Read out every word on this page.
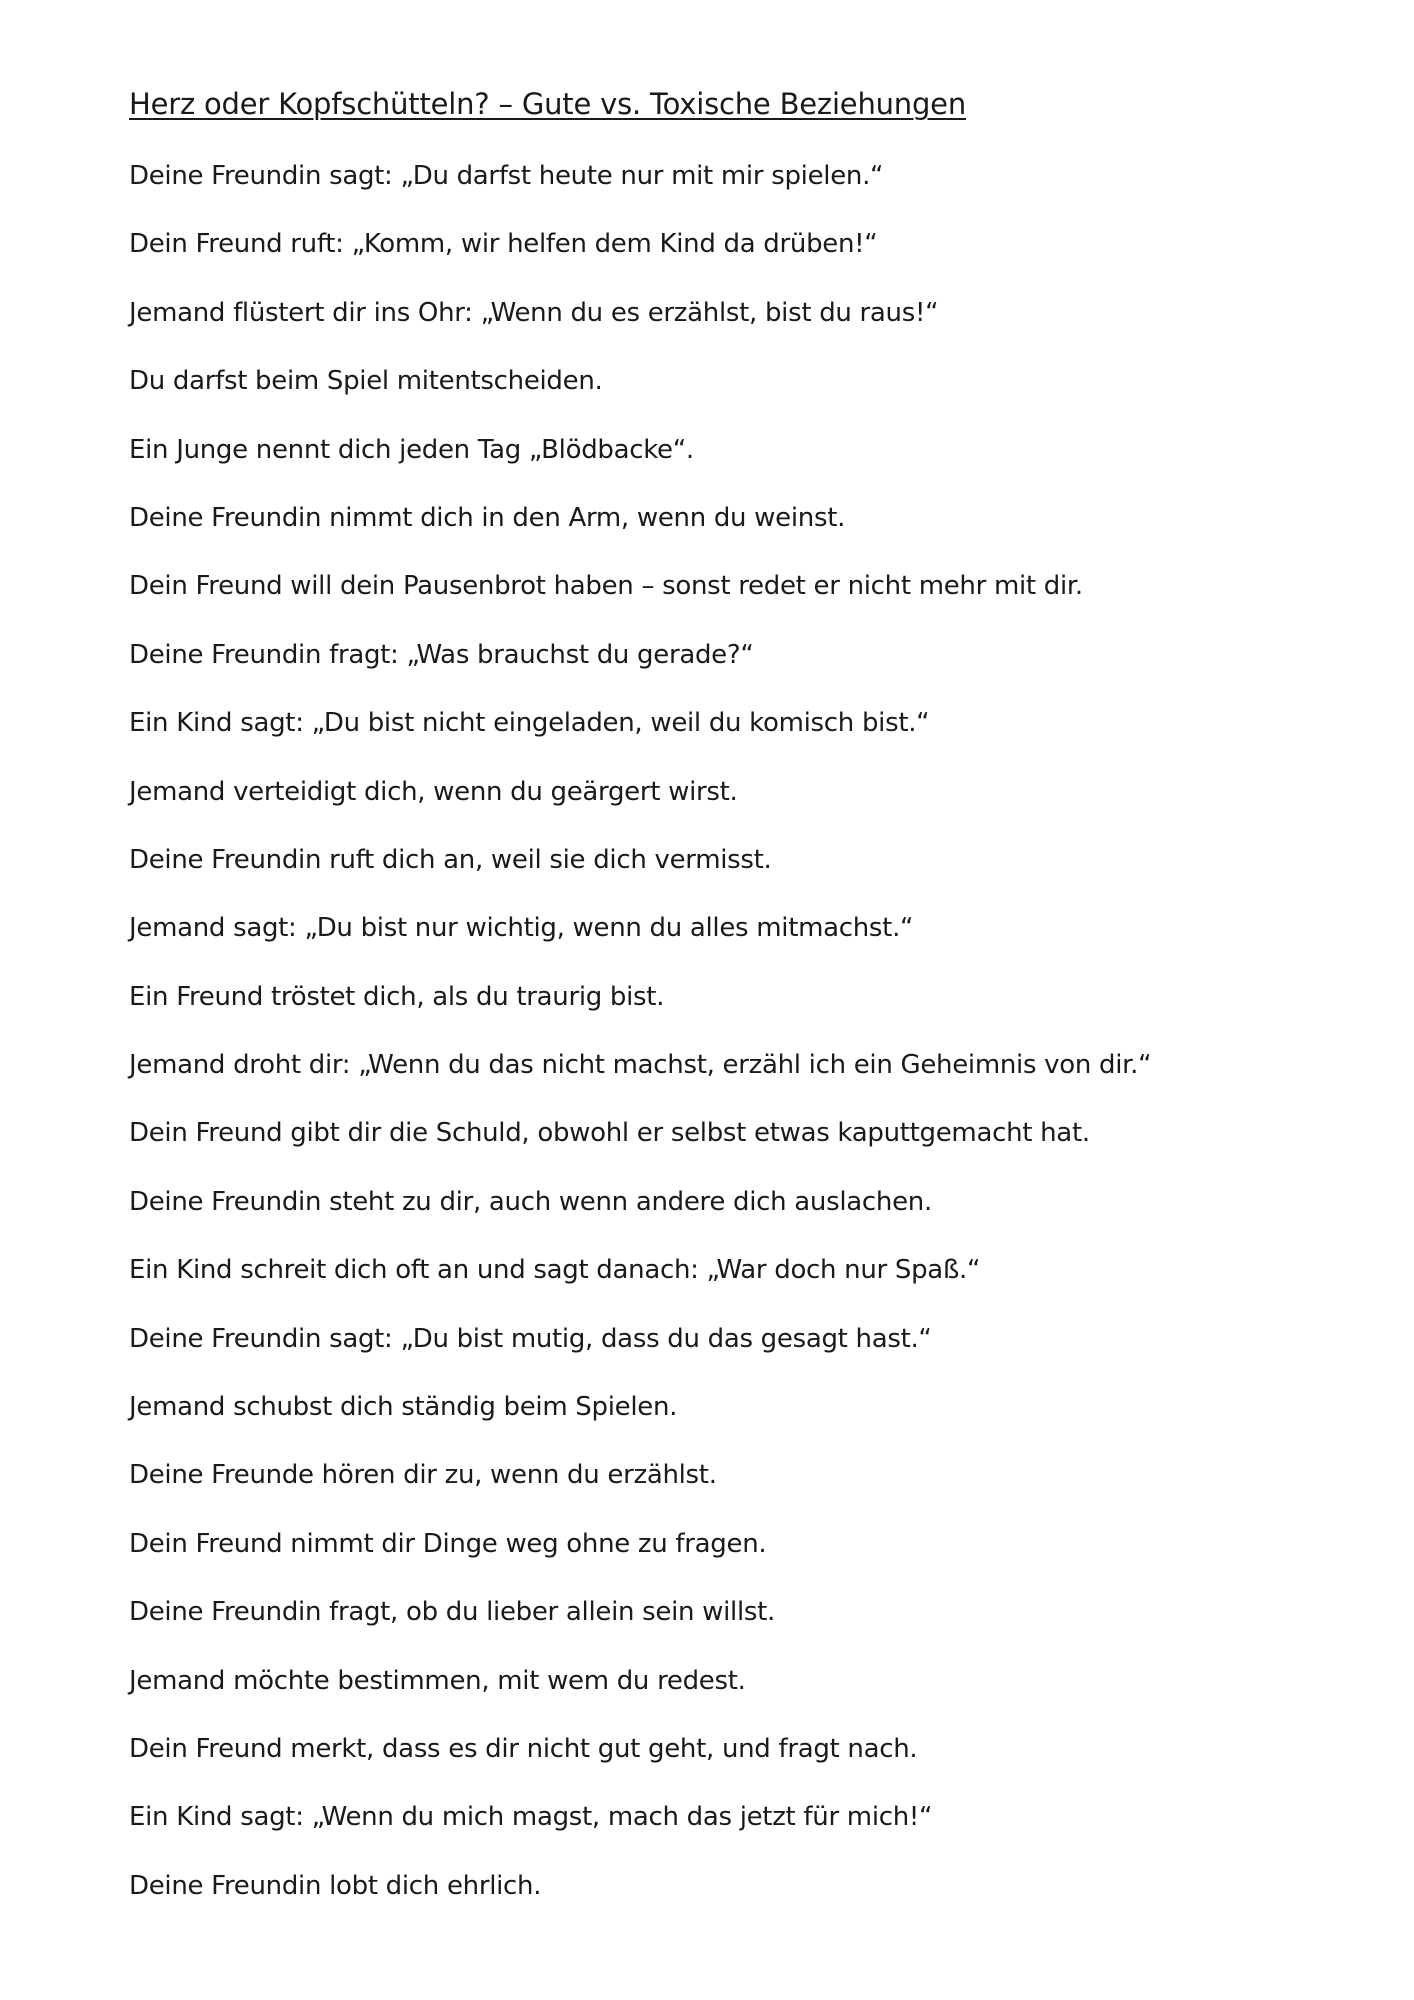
Herz oder Kopfschütteln? – Gute vs. Toxische Beziehungen
Deine Freundin sagt: „Du darfst heute nur mit mir spielen.“
Dein Freund ruft: „Komm, wir helfen dem Kind da drüben!“
Jemand flüstert dir ins Ohr: „Wenn du es erzählst, bist du raus!“
Du darfst beim Spiel mitentscheiden.
Ein Junge nennt dich jeden Tag „Blödbacke“.
Deine Freundin nimmt dich in den Arm, wenn du weinst.
Dein Freund will dein Pausenbrot haben – sonst redet er nicht mehr mit dir.
Deine Freundin fragt: „Was brauchst du gerade?“
Ein Kind sagt: „Du bist nicht eingeladen, weil du komisch bist.“
Jemand verteidigt dich, wenn du geärgert wirst.
Deine Freundin ruft dich an, weil sie dich vermisst.
Jemand sagt: „Du bist nur wichtig, wenn du alles mitmachst.“
Ein Freund tröstet dich, als du traurig bist.
Jemand droht dir: „Wenn du das nicht machst, erzähl ich ein Geheimnis von dir.“
Dein Freund gibt dir die Schuld, obwohl er selbst etwas kaputtgemacht hat.
Deine Freundin steht zu dir, auch wenn andere dich auslachen.
Ein Kind schreit dich oft an und sagt danach: „War doch nur Spaß.“
Deine Freundin sagt: „Du bist mutig, dass du das gesagt hast.“
Jemand schubst dich ständig beim Spielen.
Deine Freunde hören dir zu, wenn du erzählst.
Dein Freund nimmt dir Dinge weg ohne zu fragen.
Deine Freundin fragt, ob du lieber allein sein willst.
Jemand möchte bestimmen, mit wem du redest.
Dein Freund merkt, dass es dir nicht gut geht, und fragt nach.
Ein Kind sagt: „Wenn du mich magst, mach das jetzt für mich!“
Deine Freundin lobt dich ehrlich.
